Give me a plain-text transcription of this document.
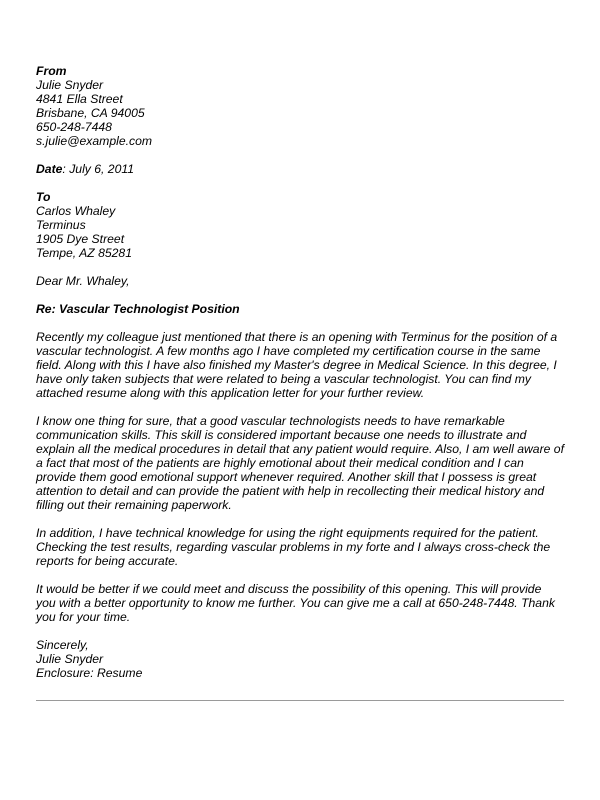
From
Julie Snyder
4841 Ella Street
Brisbane, CA 94005
650-248-7448
s.julie@example.com
Date: July 6, 2011
To
Carlos Whaley
Terminus
1905 Dye Street
Tempe, AZ 85281
Dear Mr. Whaley,
Re: Vascular Technologist Position

Recently my colleague just mentioned that there is an opening with Terminus for the position of a vascular technologist. A few months ago I have completed my certification course in the same field. Along with this I have also finished my Master's degree in Medical Science. In this degree, I have only taken subjects that were related to being a vascular technologist. You can find my attached resume along with this application letter for your further review.

I know one thing for sure, that a good vascular technologists needs to have remarkable communication skills. This skill is considered important because one needs to illustrate and explain all the medical procedures in detail that any patient would require. Also, I am well aware of a fact that most of the patients are highly emotional about their medical condition and I can provide them good emotional support whenever required. Another skill that I possess is great attention to detail and can provide the patient with help in recollecting their medical history and filling out their remaining paperwork.

In addition, I have technical knowledge for using the right equipments required for the patient. Checking the test results, regarding vascular problems in my forte and I always cross-check the reports for being accurate.

It would be better if we could meet and discuss the possibility of this opening. This will provide you with a better opportunity to know me further. You can give me a call at 650-248-7448. Thank you for your time.

Sincerely,
Julie Snyder
Enclosure: Resume
